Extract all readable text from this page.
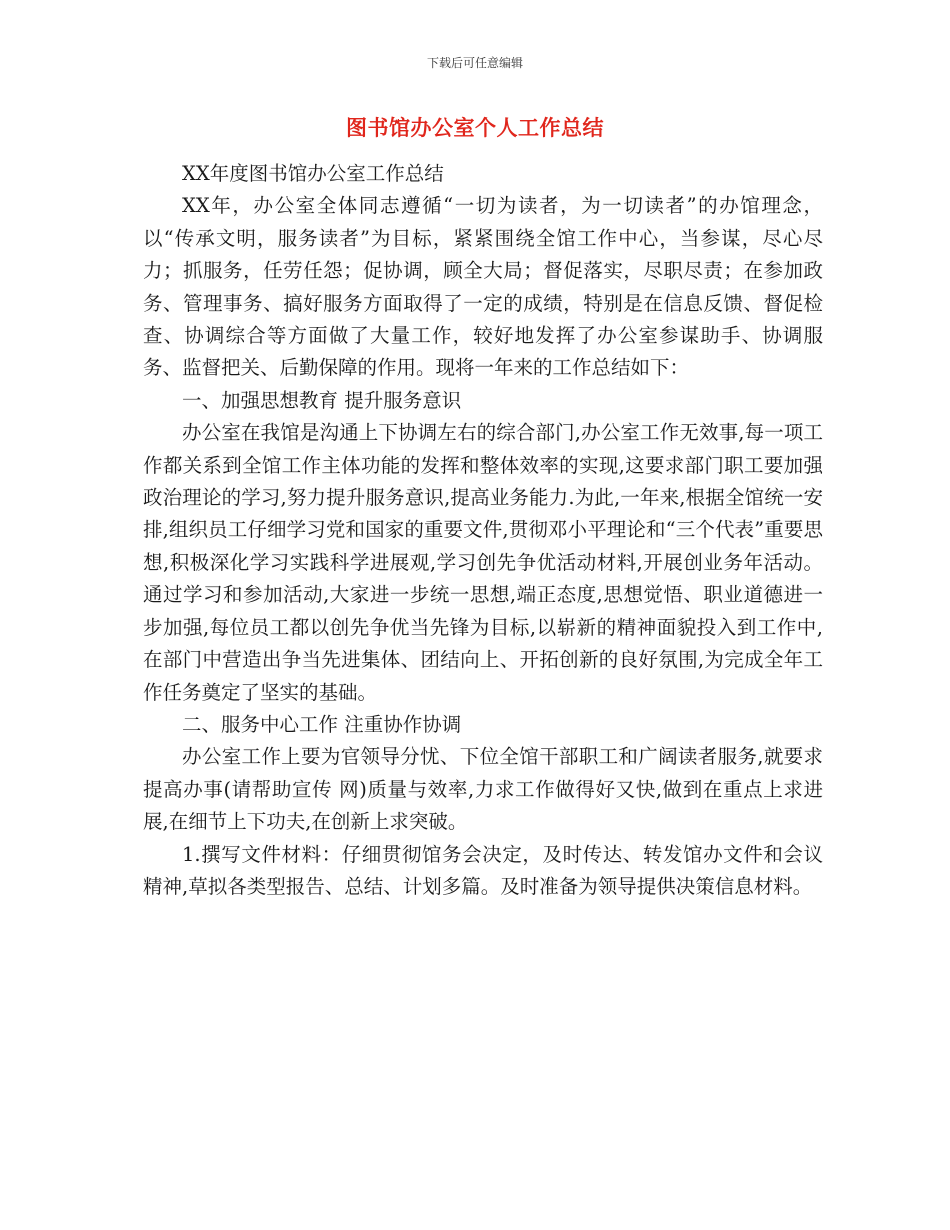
下载后可任意编辑
图书馆办公室个人工作总结

XX年度图书馆办公室工作总结

XX年，办公室全体同志遵循“一切为读者，为一切读者”的办馆理念，以“传承文明，服务读者”为目标，紧紧围绕全馆工作中心，当参谋，尽心尽力；抓服务，任劳任怨；促协调，顾全大局；督促落实，尽职尽责；在参加政务、管理事务、搞好服务方面取得了一定的成绩，特别是在信息反馈、督促检查、协调综合等方面做了大量工作，较好地发挥了办公室参谋助手、协调服务、监督把关、后勤保障的作用。现将一年来的工作总结如下：

一、加强思想教育 提升服务意识

办公室在我馆是沟通上下协调左右的综合部门,办公室工作无效事,每一项工作都关系到全馆工作主体功能的发挥和整体效率的实现,这要求部门职工要加强政治理论的学习,努力提升服务意识,提高业务能力.为此,一年来,根据全馆统一安排,组织员工仔细学习党和国家的重要文件,贯彻邓小平理论和“三个代表”重要思想,积极深化学习实践科学进展观,学习创先争优活动材料,开展创业务年活动。通过学习和参加活动,大家进一步统一思想,端正态度,思想觉悟、职业道德进一步加强,每位员工都以创先争优当先锋为目标,以崭新的精神面貌投入到工作中,在部门中营造出争当先进集体、团结向上、开拓创新的良好氛围,为完成全年工作任务奠定了坚实的基础。

二、服务中心工作 注重协作协调

办公室工作上要为官领导分忧、下位全馆干部职工和广阔读者服务,就要求提高办事(请帮助宣传 网)质量与效率,力求工作做得好又快,做到在重点上求进展,在细节上下功夫,在创新上求突破。

1.撰写文件材料：仔细贯彻馆务会决定，及时传达、转发馆办文件和会议精神,草拟各类型报告、总结、计划多篇。及时准备为领导提供决策信息材料。
